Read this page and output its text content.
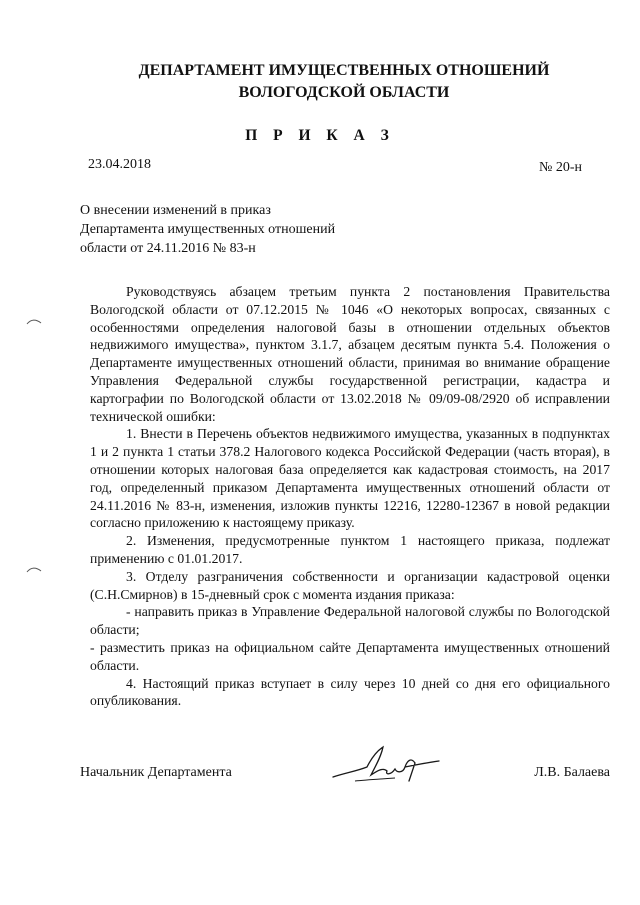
ДЕПАРТАМЕНТ ИМУЩЕСТВЕННЫХ ОТНОШЕНИЙ
ВОЛОГОДСКОЙ ОБЛАСТИ
П Р И К А З
23.04.2018	№ 20-н
О внесении изменений в приказ
Департамента имущественных отношений
области от 24.11.2016 № 83-н

Руководствуясь абзацем третьим пункта 2 постановления Правительства Вологодской области от 07.12.2015 № 1046 «О некоторых вопросах, связанных с особенностями определения налоговой базы в отношении отдельных объектов недвижимого имущества», пунктом 3.1.7, абзацем десятым пункта 5.4. Положения о Департаменте имущественных отношений области, принимая во внимание обращение Управления Федеральной службы государственной регистрации, кадастра и картографии по Вологодской области от 13.02.2018 № 09/09-08/2920 об исправлении технической ошибки:

1. Внести в Перечень объектов недвижимого имущества, указанных в подпунктах 1 и 2 пункта 1 статьи 378.2 Налогового кодекса Российской Федерации (часть вторая), в отношении которых налоговая база определяется как кадастровая стоимость, на 2017 год, определенный приказом Департамента имущественных отношений области от 24.11.2016 № 83-н, изменения, изложив пункты 12216, 12280-12367 в новой редакции согласно приложению к настоящему приказу.

2. Изменения, предусмотренные пунктом 1 настоящего приказа, подлежат применению с 01.01.2017.

3. Отделу разграничения собственности и организации кадастровой оценки (С.Н.Смирнов) в 15-дневный срок с момента издания приказа:

- направить приказ в Управление Федеральной налоговой службы по Вологодской области;

- разместить приказ на официальном сайте Департамента имущественных отношений области.

4. Настоящий приказ вступает в силу через 10 дней со дня его официального опубликования.

Начальник Департамента	Л.В. Балаева
